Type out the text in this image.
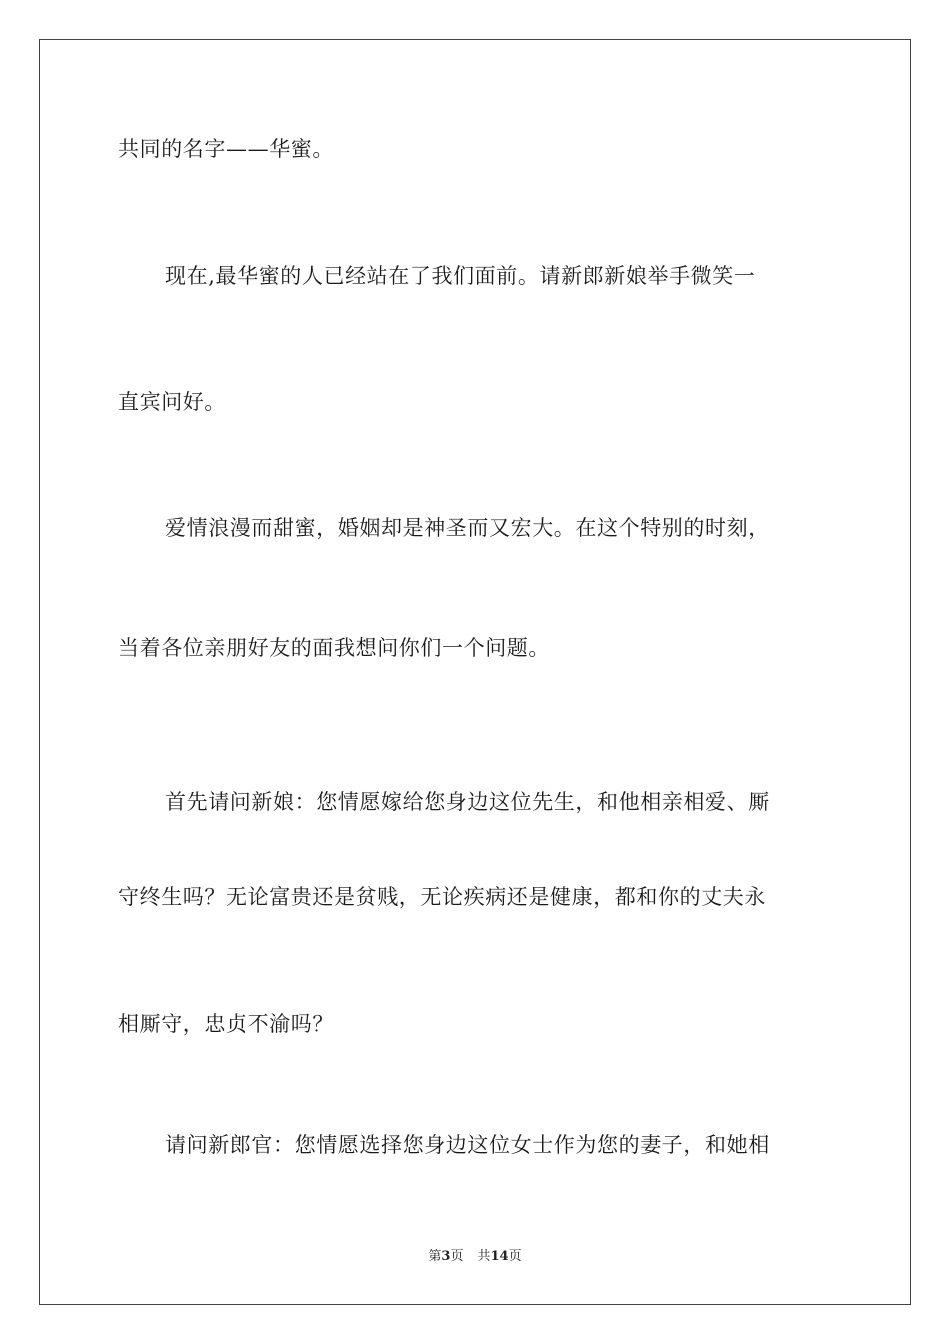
共同的名字——华蜜。
现在,最华蜜的人已经站在了我们面前。请新郎新娘举手微笑一
直宾问好。
爱情浪漫而甜蜜，婚姻却是神圣而又宏大。在这个特别的时刻，
当着各位亲朋好友的面我想问你们一个问题。
首先请问新娘：您情愿嫁给您身边这位先生，和他相亲相爱、厮
守终生吗？无论富贵还是贫贱，无论疾病还是健康，都和你的丈夫永
相厮守，忠贞不渝吗？
请问新郎官：您情愿选择您身边这位女士作为您的妻子，和她相
第3页 共14页
